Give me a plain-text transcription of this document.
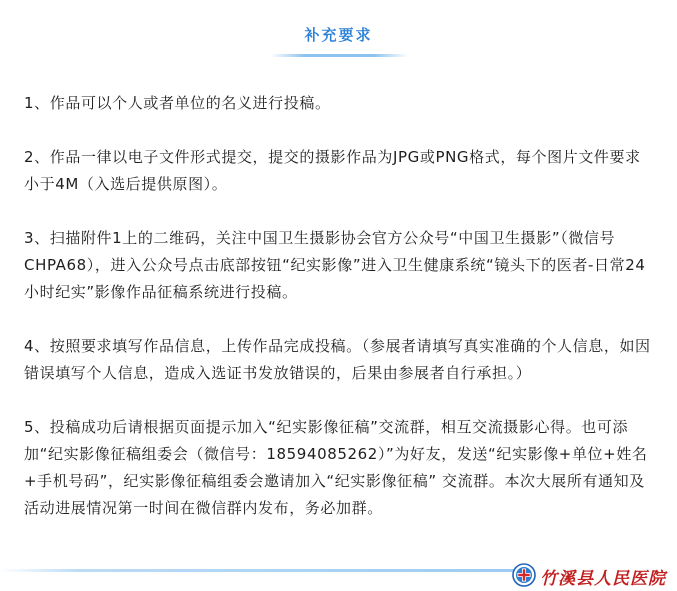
补充要求

1、作品可以个人或者单位的名义进行投稿。

2、作品一律以电子文件形式提交，提交的摄影作品为JPG或PNG格式，每个图片文件要求小于4M（入选后提供原图）。

3、扫描附件1上的二维码，关注中国卫生摄影协会官方公众号“中国卫生摄影”（微信号CHPA68），进入公众号点击底部按钮“纪实影像”进入卫生健康系统“镜头下的医者-日常24小时纪实”影像作品征稿系统进行投稿。

4、按照要求填写作品信息，上传作品完成投稿。（参展者请填写真实准确的个人信息，如因错误填写个人信息，造成入选证书发放错误的，后果由参展者自行承担。）

5、投稿成功后请根据页面提示加入“纪实影像征稿”交流群，相互交流摄影心得。也可添加“纪实影像征稿组委会（微信号：18594085262）”为好友，发送“纪实影像+单位+姓名+手机号码”，纪实影像征稿组委会邀请加入“纪实影像征稿” 交流群。本次大展所有通知及活动进展情况第一时间在微信群内发布，务必加群。

竹溪县人民医院
